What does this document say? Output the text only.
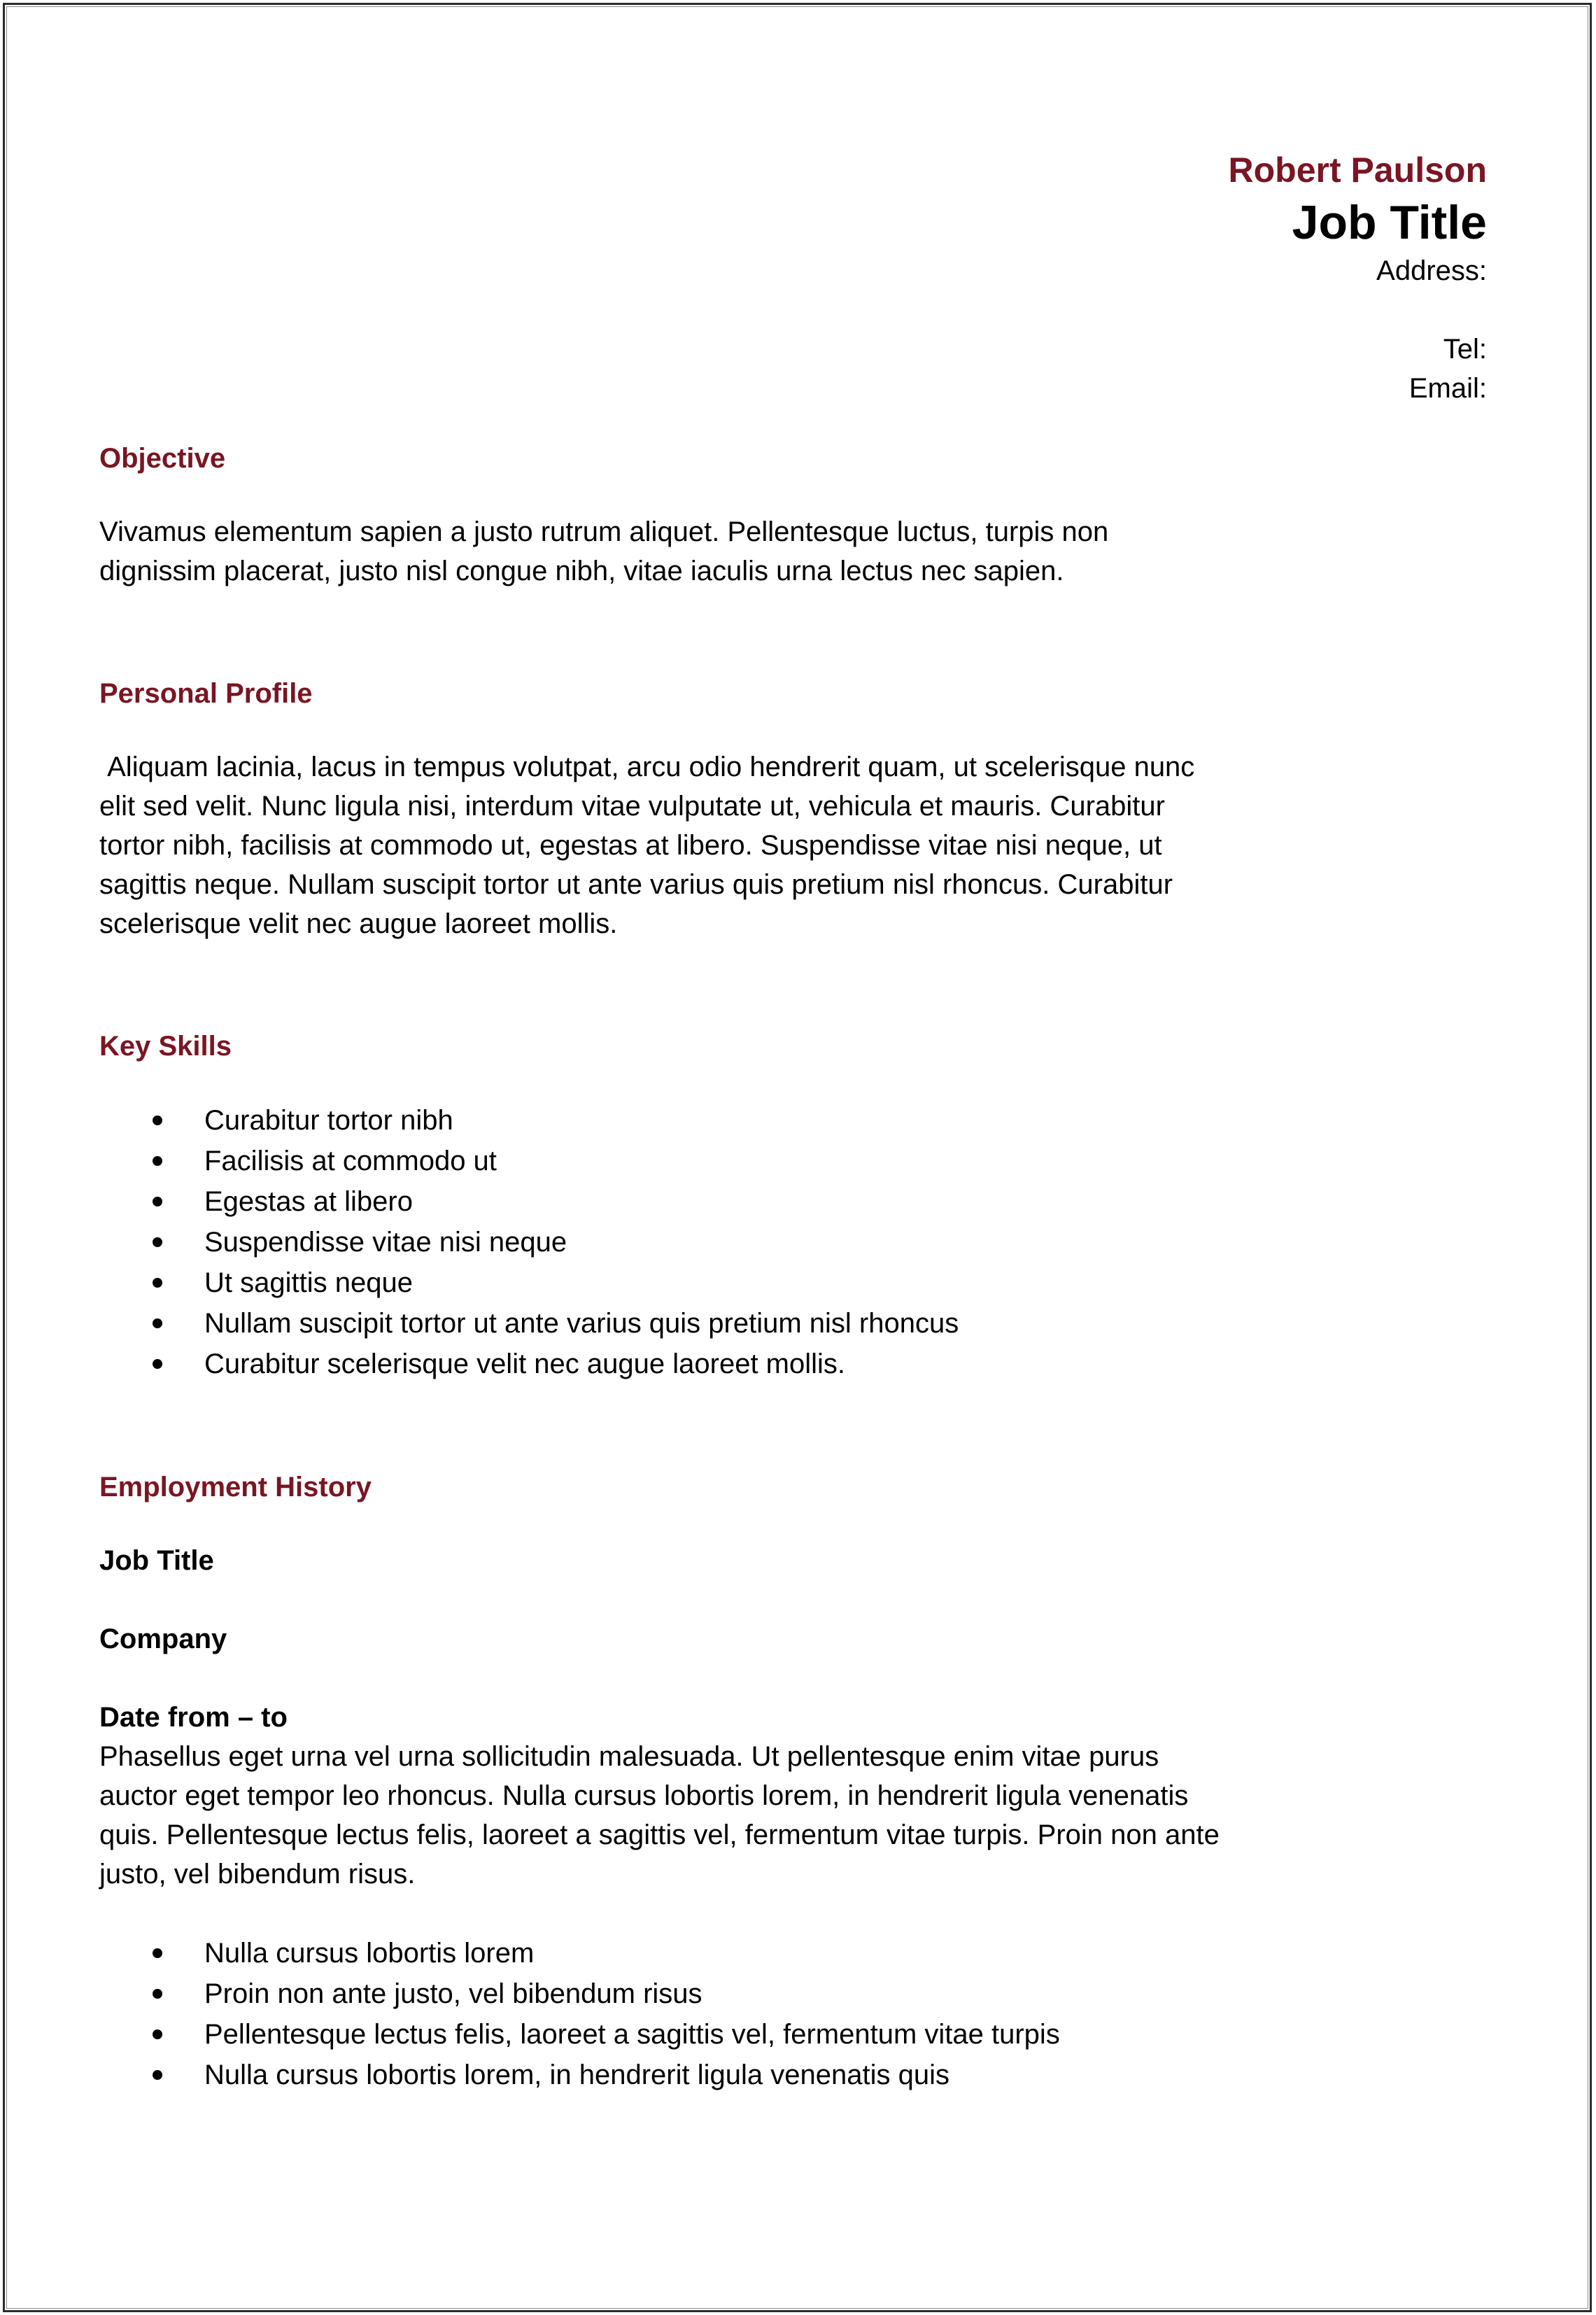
Robert Paulson
Job Title
Address:
Tel:
Email:
Objective

Vivamus elementum sapien a justo rutrum aliquet. Pellentesque luctus, turpis non dignissim placerat, justo nisl congue nibh, vitae iaculis urna lectus nec sapien.

Personal Profile

Aliquam lacinia, lacus in tempus volutpat, arcu odio hendrerit quam, ut scelerisque nunc elit sed velit. Nunc ligula nisi, interdum vitae vulputate ut, vehicula et mauris. Curabitur tortor nibh, facilisis at commodo ut, egestas at libero. Suspendisse vitae nisi neque, ut sagittis neque. Nullam suscipit tortor ut ante varius quis pretium nisl rhoncus. Curabitur scelerisque velit nec augue laoreet mollis.

Key Skills
Curabitur tortor nibh
Facilisis at commodo ut
Egestas at libero
Suspendisse vitae nisi neque
Ut sagittis neque
Nullam suscipit tortor ut ante varius quis pretium nisl rhoncus
Curabitur scelerisque velit nec augue laoreet mollis.
Employment History
Job Title
Company
Date from – to

Phasellus eget urna vel urna sollicitudin malesuada. Ut pellentesque enim vitae purus auctor eget tempor leo rhoncus. Nulla cursus lobortis lorem, in hendrerit ligula venenatis quis. Pellentesque lectus felis, laoreet a sagittis vel, fermentum vitae turpis. Proin non ante justo, vel bibendum risus.

Nulla cursus lobortis lorem
Proin non ante justo, vel bibendum risus
Pellentesque lectus felis, laoreet a sagittis vel, fermentum vitae turpis
Nulla cursus lobortis lorem, in hendrerit ligula venenatis quis
